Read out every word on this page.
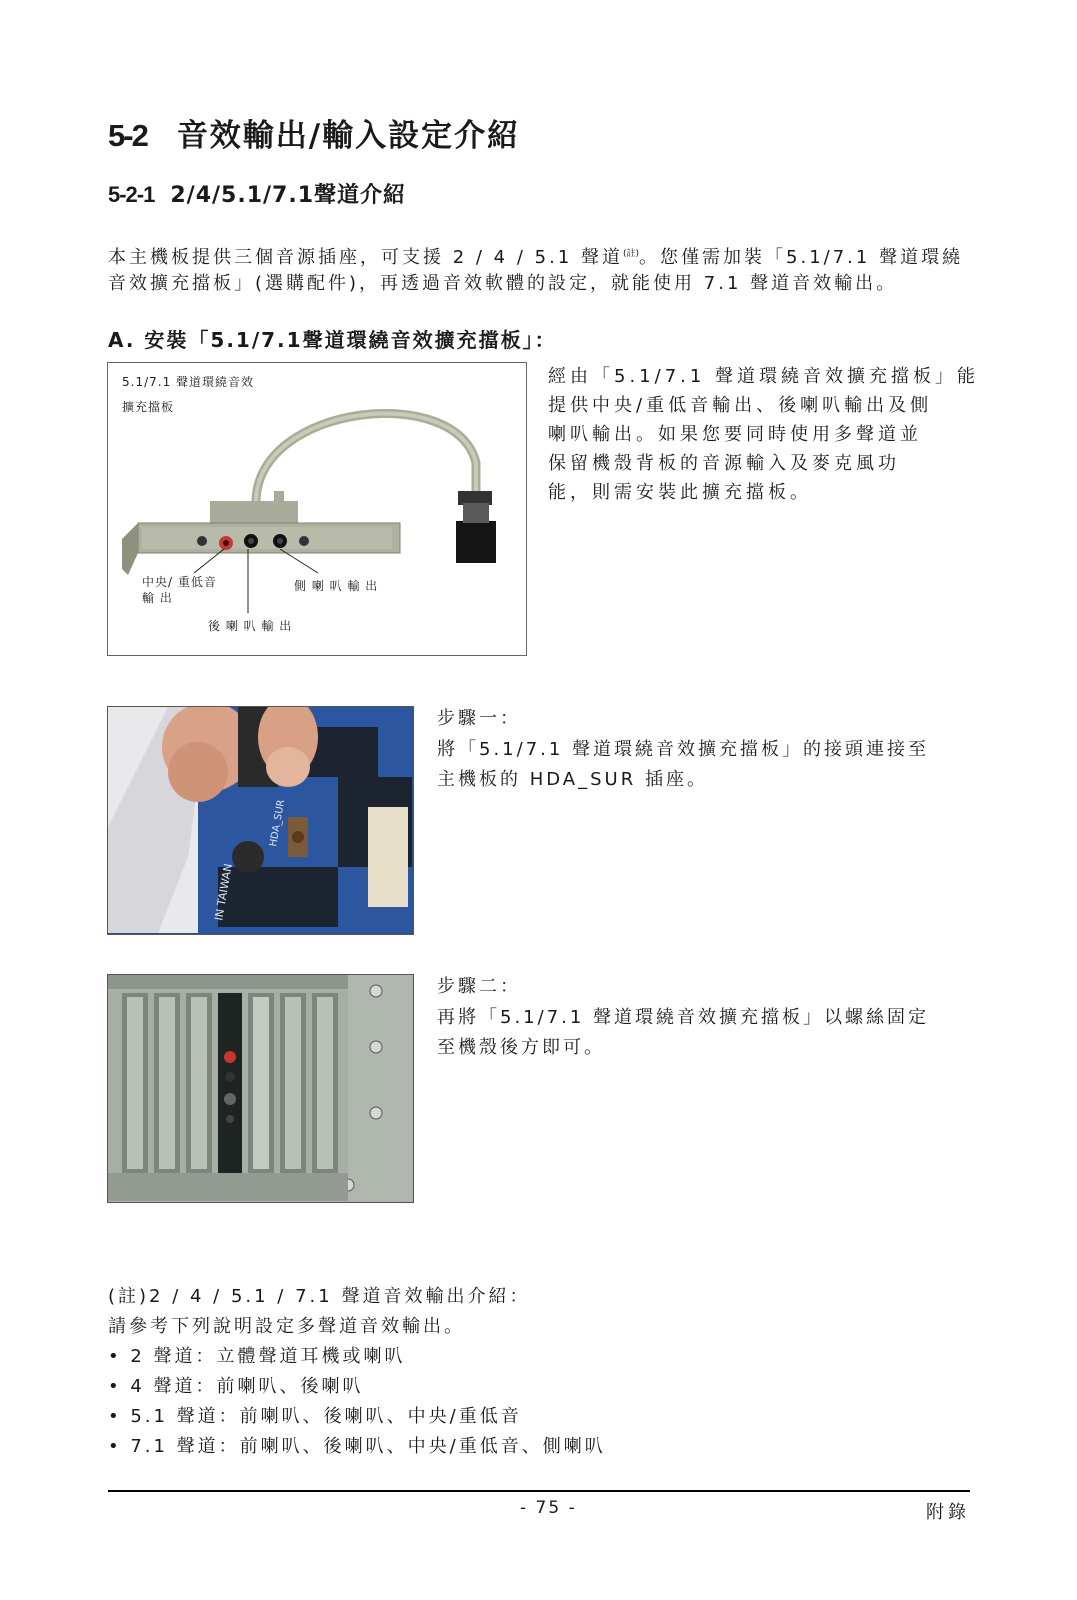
5-2 音效輸出/輸入設定介紹
5-2-1 2/4/5.1/7.1聲道介紹
本主機板提供三個音源插座，可支援 2 / 4 / 5.1 聲道$^{(註)}$。您僅需加裝「5.1/7.1 聲道環繞
音效擴充擋板」(選購配件)，再透過音效軟體的設定，就能使用 7.1 聲道音效輸出。
A. 安裝「5.1/7.1聲道環繞音效擴充擋板」：
5.1/7.1 聲道環繞音效
擴充擋板
中央/ 重低音
輸 出
側 喇 叭 輸 出
後 喇 叭 輸 出
經由「5.1/7.1 聲道環繞音效擴充擋板」能
提供中央/重低音輸出、後喇叭輸出及側
喇叭輸出。如果您要同時使用多聲道並
保留機殼背板的音源輸入及麥克風功
能，則需安裝此擴充擋板。
HDA_SUR
IN TAIWAN
步驟一：
將「5.1/7.1 聲道環繞音效擴充擋板」的接頭連接至
主機板的 HDA_SUR 插座。
步驟二：
再將「5.1/7.1 聲道環繞音效擴充擋板」以螺絲固定
至機殼後方即可。
(註)2 / 4 / 5.1 / 7.1 聲道音效輸出介紹：
請參考下列說明設定多聲道音效輸出。
• 2 聲道：立體聲道耳機或喇叭
• 4 聲道：前喇叭、後喇叭
• 5.1 聲道：前喇叭、後喇叭、中央/重低音
• 7.1 聲道：前喇叭、後喇叭、中央/重低音、側喇叭
- 75 -	附錄
